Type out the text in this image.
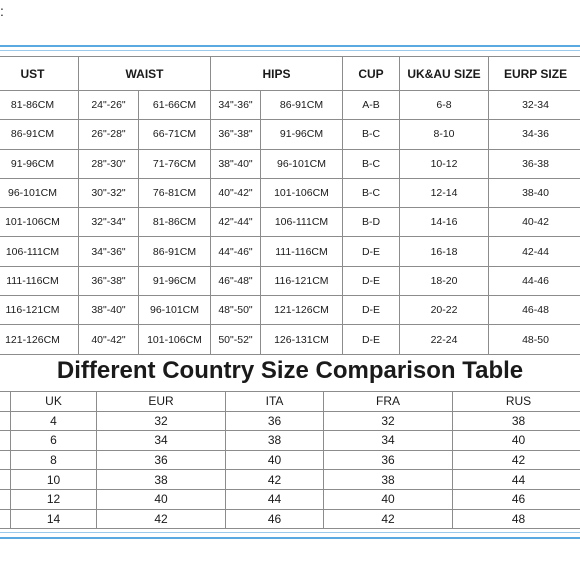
:
UST	WAIST		HIPS		CUP	UK&AU SIZE	EURP SIZE
81-86CM	24"-26"	61-66CM	34"-36"	86-91CM	A-B	6-8	32-34
86-91CM	26"-28"	66-71CM	36"-38"	91-96CM	B-C	8-10	34-36
91-96CM	28"-30"	71-76CM	38"-40"	96-101CM	B-C	10-12	36-38
96-101CM	30"-32"	76-81CM	40"-42"	101-106CM	B-C	12-14	38-40
101-106CM	32"-34"	81-86CM	42"-44"	106-111CM	B-D	14-16	40-42
106-111CM	34"-36"	86-91CM	44"-46"	111-116CM	D-E	16-18	42-44
111-116CM	36"-38"	91-96CM	46"-48"	116-121CM	D-E	18-20	44-46
116-121CM	38"-40"	96-101CM	48"-50"	121-126CM	D-E	20-22	46-48
121-126CM	40"-42"	101-106CM	50"-52"	126-131CM	D-E	22-24	48-50
Different Country Size Comparison Table
	UK	EUR	ITA	FRA	RUS
	4	32	36	32	38
	6	34	38	34	40
	8	36	40	36	42
	10	38	42	38	44
	12	40	44	40	46
	14	42	46	42	48
